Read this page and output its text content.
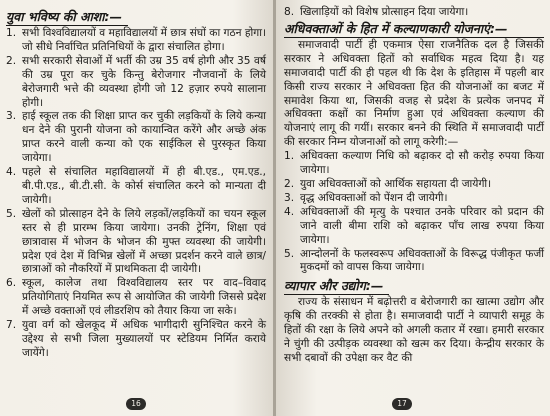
युवा भविष्य की आशा:—
1. सभी विश्वविद्यालयों व महाविद्यालयों में छात्र संघों का गठन होगा। जो सीधे निर्वाचित प्रतिनिधियों के द्वारा संचालित होगा।
2. सभी सरकारी सेवाओं में भर्ती की उम्र 35 वर्ष होगी और 35 वर्ष की उम्र पूरा कर चुके किन्तु बेरोजगार नौजवानों के लिये बेरोजगारी भत्ते की व्यवस्था होगी जो 12 हज़ार रुपये सालाना होगी।
3. हाई स्कूल तक की शिक्षा प्राप्त कर चुकी लड़कियों के लिये कन्या धन देने की पुरानी योजना को कायान्वित करेंगे और अच्छे अंक प्राप्त करने वाली कन्या को एक साईकिल से पुरस्कृत किया जायेगा।
4. पहले से संचालित महाविद्यालयों में ही बी.एड., एम.एड., बी.पी.एड., बी.टी.सी. के कोर्स संचालित करने को मान्यता दी जायेगी।
5. खेलों को प्रोत्साहन देने के लिये लड़कों/लड़कियों का चयन स्कूल स्तर से ही प्रारम्भ किया जायेगा। उनकी ट्रेनिंग, शिक्षा एवं छात्रावास में भोजन के भोजन की मुफ्त व्यवस्था की जायेगी। प्रदेश एवं देश में विभिन्न खेलों में अच्छा प्रदर्शन करने वाले छात्र/छात्राओं को नौकरियों में प्राथमिकता दी जायेगी।
6. स्कूल, कालेज तथा विश्वविद्यालय स्तर पर वाद–विवाद प्रतियोगिताएं नियमित रूप से आयोजित की जायेगी जिससे प्रदेश में अच्छे वक्ताओं एवं लीडरशिप को तैयार किया जा सके।
7. युवा वर्ग को खेलकूद में अधिक भागीदारी सुनिश्चित करने के उद्देश्य से सभी जिला मुख्यालयों पर स्टेडियम निर्मित कराये जायेंगे।
16
8. खिलाड़ियों को विशेष प्रोत्साहन दिया जायेगा।
अधिवक्ताओं के हित में कल्याणकारी योजनाएं:—

समाजवादी पार्टी ही एकमात्र ऐसा राजनैतिक दल है जिसकी सरकार ने अधिवक्ता हितों को सर्वाधिक महत्व दिया है। यह समाजवादी पार्टी की ही पहल थी कि देश के इतिहास में पहली बार किसी राज्य सरकार ने अधिवक्ता हित की योजनाओं का बजट में समावेश किया था, जिसकी वजह से प्रदेश के प्रत्येक जनपद में अधिवक्ता कक्षों का निर्माण हुआ एवं अधिवक्ता कल्याण की योजनाएं लागू की गयीं। सरकार बनने की स्थिति में समाजवादी पार्टी की सरकार निम्न योजनाओं को लागू करेगी:—

1. अधिवक्ता कल्याण निधि को बढ़ाकर दो सौ करोड़ रुपया किया जायेगा।
2. युवा अधिवक्ताओं को आर्थिक सहायता दी जायेगी।
3. वृद्ध अधिवक्ताओं को पेंशन दी जायेगी।
4. अधिवक्ताओं की मृत्यु के पश्चात उनके परिवार को प्रदान की जाने वाली बीमा राशि को बढ़ाकर पाँच लाख रुपया किया जायेगा।
5. आन्दोलनों के फलस्वरूप अधिवक्ताओं के विरूद्ध पंजीकृत फर्जी मुकदमों को वापस किया जायेगा।
व्यापार और उद्योग:—

राज्य के संसाधन में बढ़ोत्तरी व बेरोजगारी का खात्मा उद्योग और कृषि की तरक्की से होता है। समाजवादी पार्टी ने व्यापारी समूह के हितों की रक्षा के लिये अपने को अगली कतार में रखा। हमारी सरकार ने चुंगी की उत्पीड़क व्यवस्था को खत्म कर दिया। केन्द्रीय सरकार के सभी दबावों की उपेक्षा कर वैट की

17
